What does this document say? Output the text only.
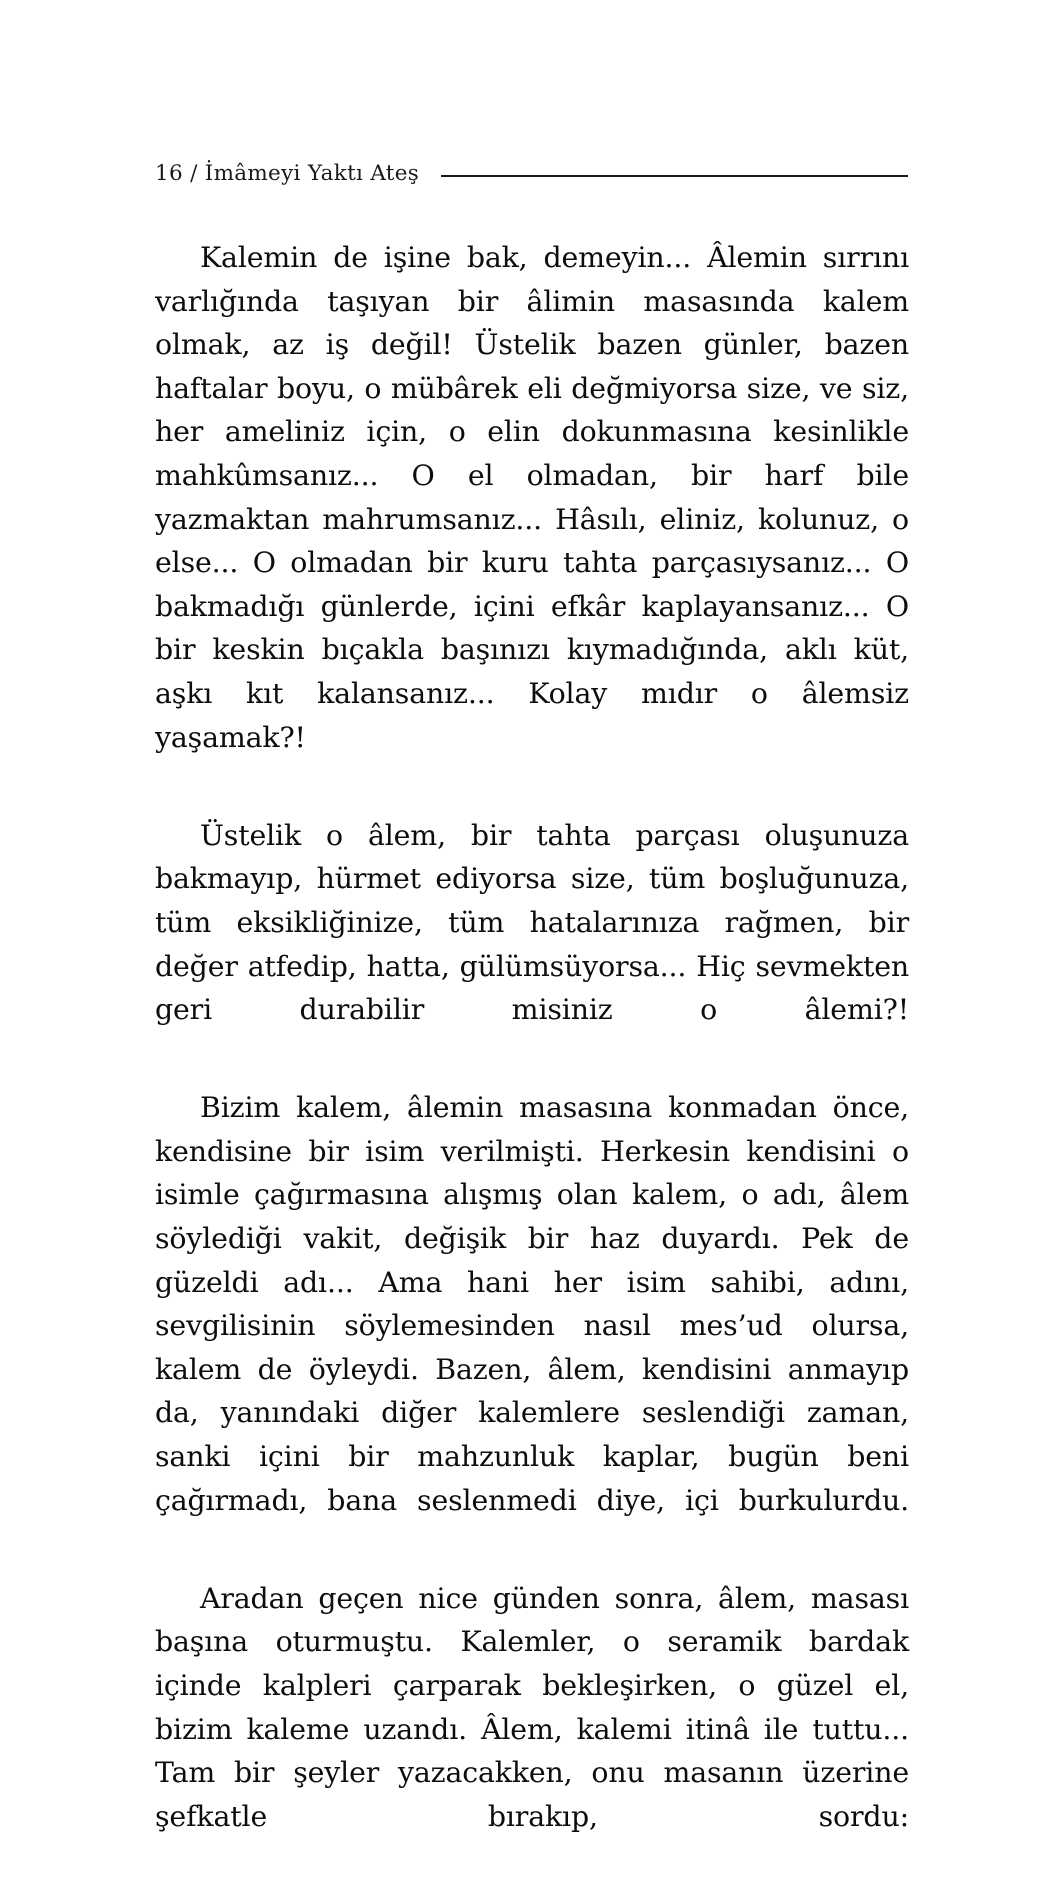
16 / İmâmeyi Yaktı Ateş

Kalemin de işine bak, demeyin... Âlemin sırrını varlığında taşıyan bir âlimin masasında kalem olmak, az iş değil! Üstelik bazen günler, bazen haftalar boyu, o mübârek eli değmiyorsa size, ve siz, her ameliniz için, o elin dokunmasına kesinlikle mahkûmsanız... O el olmadan, bir harf bile yazmaktan mahrumsanız... Hâsılı, eliniz, kolunuz, o else... O olmadan bir kuru tahta parçasıysanız... O bakmadığı günlerde, içini efkâr kaplayansanız... O bir keskin bıçakla başınızı kıymadığında, aklı küt, aşkı kıt kalansanız... Kolay mıdır o âlemsiz yaşamak?!

Üstelik o âlem, bir tahta parçası oluşunuza bakmayıp, hürmet ediyorsa size, tüm boşluğunuza, tüm eksikliğinize, tüm hatalarınıza rağmen, bir değer atfedip, hatta, gülümsüyorsa... Hiç sevmekten geri durabilir misiniz o âlemi?!

Bizim kalem, âlemin masasına konmadan önce, kendisine bir isim verilmişti. Herkesin kendisini o isimle çağırmasına alışmış olan kalem, o adı, âlem söylediği vakit, değişik bir haz duyardı. Pek de güzeldi adı... Ama hani her isim sahibi, adını, sevgilisinin söylemesinden nasıl mes’ud olursa, kalem de öyleydi. Bazen, âlem, kendisini anmayıp da, yanındaki diğer kalemlere seslendiği zaman, sanki içini bir mahzunluk kaplar, bugün beni çağırmadı, bana seslenmedi diye, içi burkulurdu.

Aradan geçen nice günden sonra, âlem, masası başına oturmuştu. Kalemler, o seramik bardak içinde kalpleri çarparak bekleşirken, o güzel el, bizim kaleme uzandı. Âlem, kalemi itinâ ile tuttu... Tam bir şeyler yazacakken, onu masanın üzerine şefkatle bırakıp, sordu:
